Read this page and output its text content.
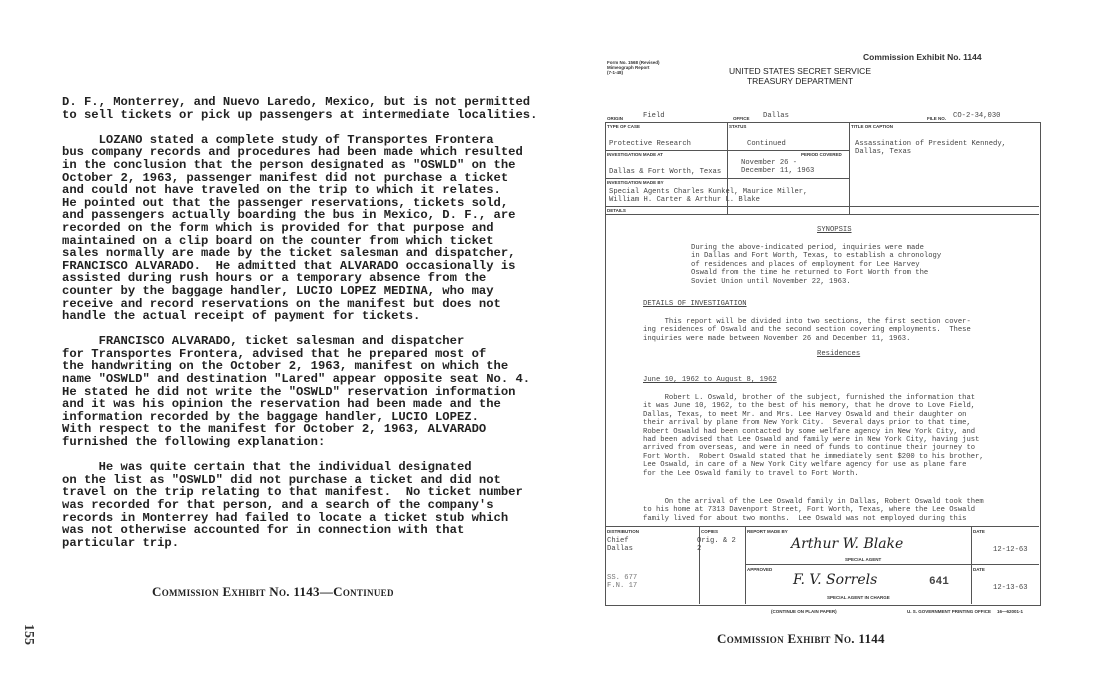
D. F., Monterrey, and Nuevo Laredo, Mexico, but is not permitted
to sell tickets or pick up passengers at intermediate localities.

LOZANO stated a complete study of Transportes Frontera
bus company records and procedures had been made which resulted
in the conclusion that the person designated as "OSWLD" on the
October 2, 1963, passenger manifest did not purchase a ticket
and could not have traveled on the trip to which it relates.
He pointed out that the passenger reservations, tickets sold,
and passengers actually boarding the bus in Mexico, D. F., are
recorded on the form which is provided for that purpose and
maintained on a clip board on the counter from which ticket
sales normally are made by the ticket salesman and dispatcher,
FRANCISCO ALVARADO.  He admitted that ALVARADO occasionally is
assisted during rush hours or a temporary absence from the
counter by the baggage handler, LUCIO LOPEZ MEDINA, who may
receive and record reservations on the manifest but does not
handle the actual receipt of payment for tickets.

FRANCISCO ALVARADO, ticket salesman and dispatcher
for Transportes Frontera, advised that he prepared most of
the handwriting on the October 2, 1963, manifest on which the
name "OSWLD" and destination "Lared" appear opposite seat No. 4.
He stated he did not write the "OSWLD" reservation information
and it was his opinion the reservation had been made and the
information recorded by the baggage handler, LUCIO LOPEZ.
With respect to the manifest for October 2, 1963, ALVARADO
furnished the following explanation:

He was quite certain that the individual designated
on the list as "OSWLD" did not purchase a ticket and did not
travel on the trip relating to that manifest.  No ticket number
was recorded for that person, and a search of the company's
records in Monterrey had failed to locate a ticket stub which
was not otherwise accounted for in connection with that
particular trip.
Commission Exhibit No. 1143—Continued
155
Commission Exhibit No. 1144
Form No. 1568 (Revised)
Mimeograph Report
(7-1-48)	UNITED STATES SECRET SERVICE
TREASURY DEPARTMENT
ORIGIN	Field	OFFICE Dallas	FILE NO. CO-2-34,030
TYPE OF CASE
Protective Research
STATUS
Continued
TITLE OR CAPTION
Assassination of President Kennedy,
Dallas, Texas
INVESTIGATION MADE AT
Dallas & Fort Worth, Texas
PERIOD COVERED
November 26 -
December 11, 1963
INVESTIGATION MADE BY
Special Agents Charles Kunkel, Maurice Miller,
William H. Carter & Arthur L. Blake
DETAILS
SYNOPSIS
During the above-indicated period, inquiries were made
in Dallas and Fort Worth, Texas, to establish a chronology
of residences and places of employment for Lee Harvey
Oswald from the time he returned to Fort Worth from the
Soviet Union until November 22, 1963.
DETAILS OF INVESTIGATION
This report will be divided into two sections, the first section cover-
ing residences of Oswald and the second section covering employments.  These
inquiries were made between November 26 and December 11, 1963.
Residences
June 10, 1962 to August 8, 1962
Robert L. Oswald, brother of the subject, furnished the information that
it was June 10, 1962, to the best of his memory, that he drove to Love Field,
Dallas, Texas, to meet Mr. and Mrs. Lee Harvey Oswald and their daughter on
their arrival by plane from New York City.  Several days prior to that time,
Robert Oswald had been contacted by some welfare agency in New York City, and
had been advised that Lee Oswald and family were in New York City, having just
arrived from overseas, and were in need of funds to continue their journey to
Fort Worth.  Robert Oswald stated that he immediately sent $200 to his brother,
Lee Oswald, in care of a New York City welfare agency for use as plane fare
for the Lee Oswald family to travel to Fort Worth.
On the arrival of the Lee Oswald family in Dallas, Robert Oswald took them
to his home at 7313 Davenport Street, Fort Worth, Texas, where the Lee Oswald
family lived for about two months.  Lee Oswald was not employed during this
DISTRIBUTION
Chief
Dallas
SS. 677
F.N. 17
COPIES
Orig. & 2
2
REPORT MADE BY
Arthur W. Blake
SPECIAL AGENT
DATE
12-12-63
APPROVED
F. V. Sorrels	641
SPECIAL AGENT IN CHARGE
DATE
12-13-63
(CONTINUE ON PLAIN PAPER)	U. S. GOVERNMENT PRINTING OFFICE 16—62001-1
Commission Exhibit No. 1144
